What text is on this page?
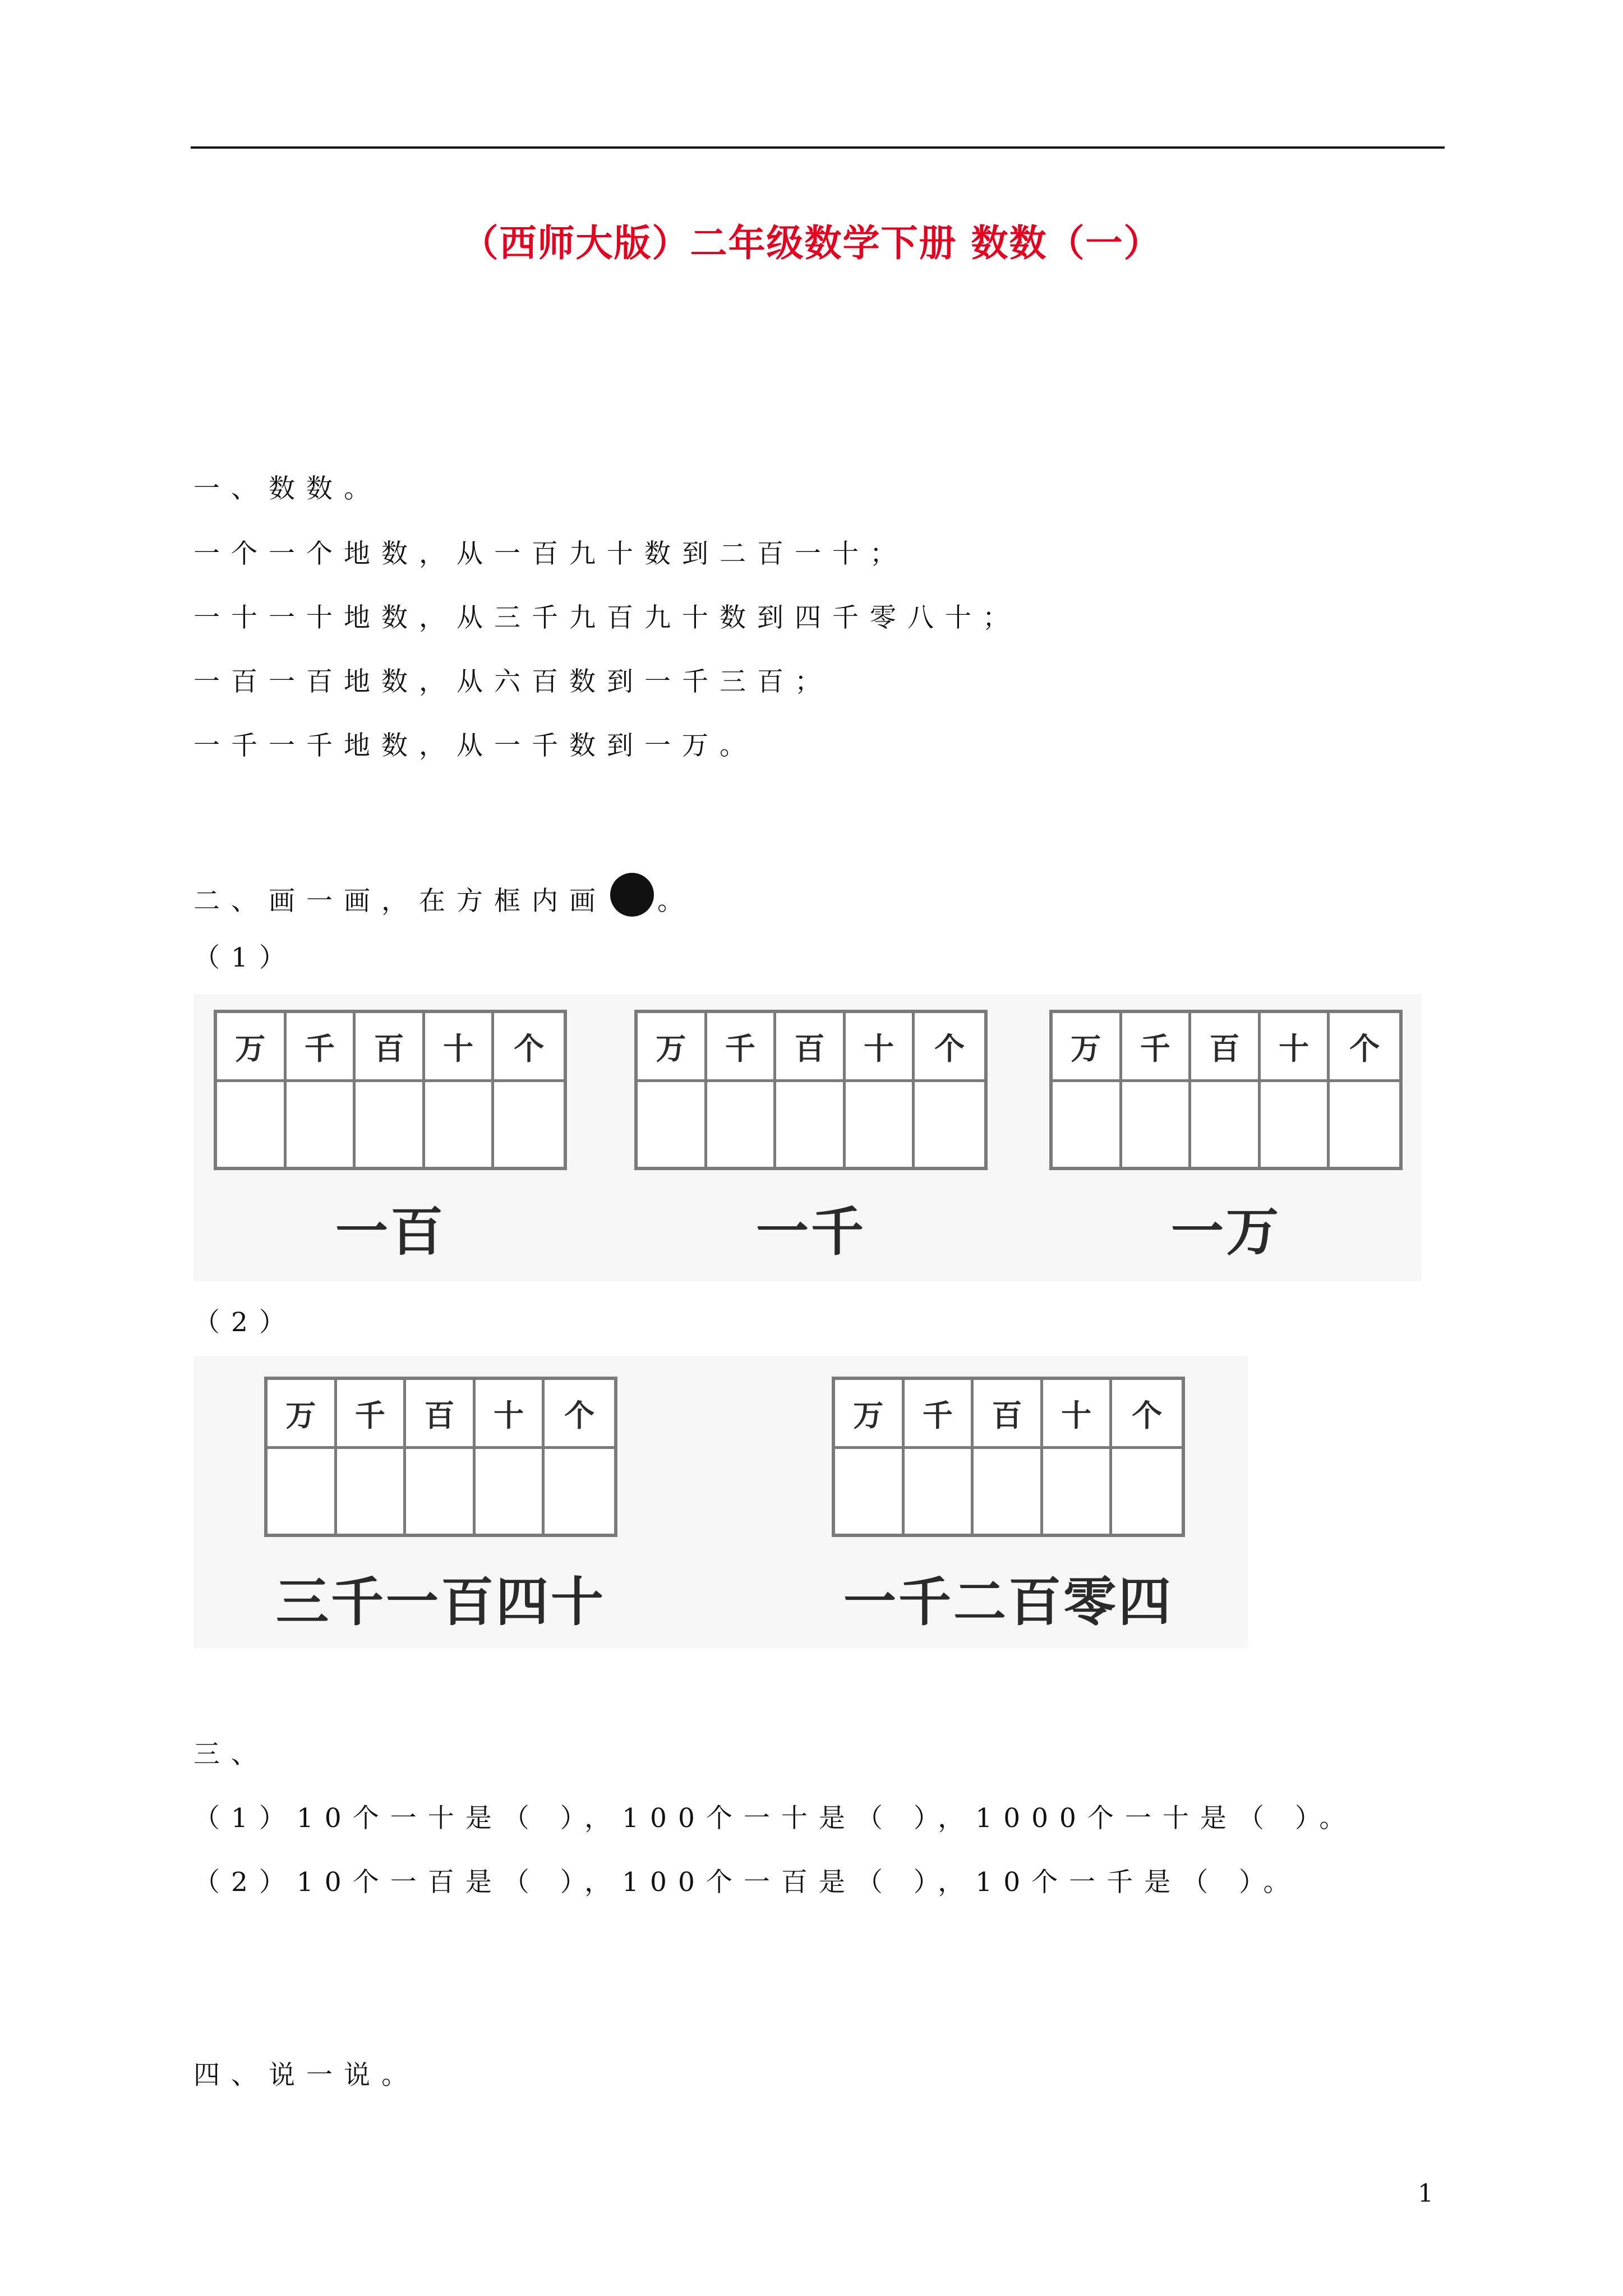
（西师大版）二年级数学下册 数数（一）
一、数数。
一个一个地数，从一百九十数到二百一十；
一十一十地数，从三千九百九十数到四千零八十；
一百一百地数，从六百数到一千三百；
一千一千地数，从一千数到一万。
二、画一画，在方框内画 。
（1）
万	千	百	十	个
一百
万	千	百	十	个
一千
万	千	百	十	个
一万
（2）
万	千	百	十	个
三千一百四十
万	千	百	十	个
一千二百零四
三、
（1）10个一十是（ ），100个一十是（ ），1000个一十是（ ）。
（2）10个一百是（ ），100个一百是（ ），10个一千是（ ）。
四、说一说。
1
